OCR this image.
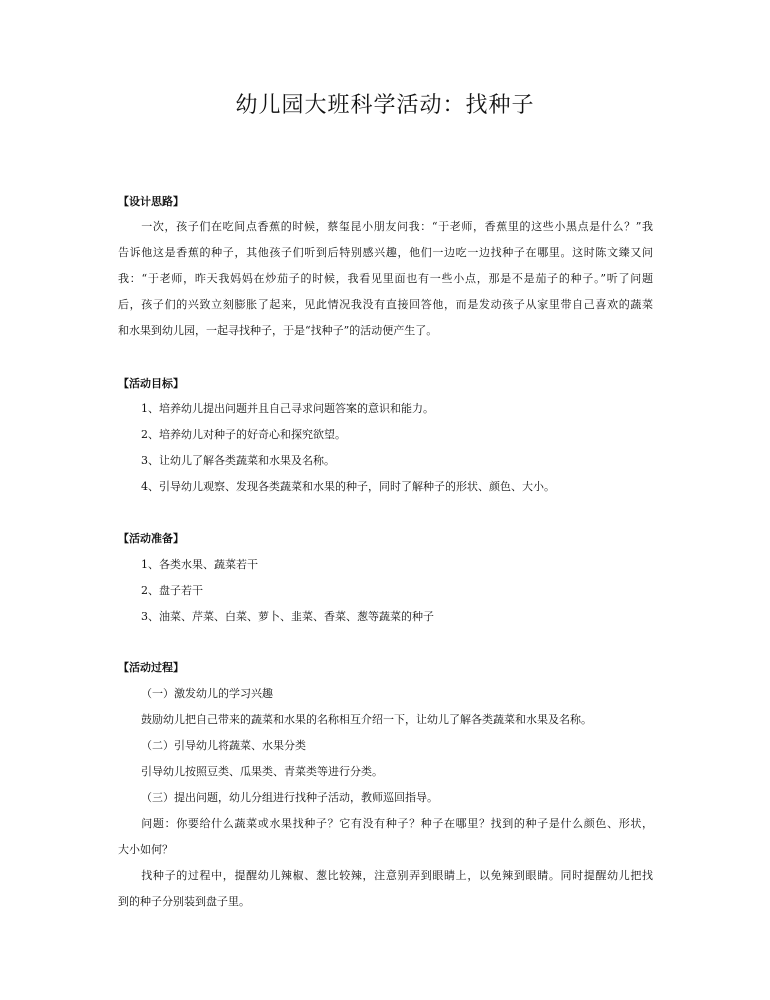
幼儿园大班科学活动：找种子
【设计思路】
　　一次，孩子们在吃间点香蕉的时候，蔡玺昆小朋友问我：“于老师，香蕉里的这些小黑点是什么？”我
告诉他这是香蕉的种子，其他孩子们听到后特别感兴趣，他们一边吃一边找种子在哪里。这时陈文臻又问
我：“于老师，昨天我妈妈在炒茄子的时候，我看见里面也有一些小点，那是不是茄子的种子。”听了问题
后，孩子们的兴致立刻膨胀了起来，见此情况我没有直接回答他，而是发动孩子从家里带自己喜欢的蔬菜
和水果到幼儿园，一起寻找种子，于是“找种子”的活动便产生了。
【活动目标】
1、培养幼儿提出问题并且自己寻求问题答案的意识和能力。
2、培养幼儿对种子的好奇心和探究欲望。
3、让幼儿了解各类蔬菜和水果及名称。
4、引导幼儿观察、发现各类蔬菜和水果的种子，同时了解种子的形状、颜色、大小。
【活动准备】
1、各类水果、蔬菜若干
2、盘子若干
3、油菜、芹菜、白菜、萝卜、韭菜、香菜、葱等蔬菜的种子
【活动过程】
（一）激发幼儿的学习兴趣
鼓励幼儿把自己带来的蔬菜和水果的名称相互介绍一下，让幼儿了解各类蔬菜和水果及名称。
（二）引导幼儿将蔬菜、水果分类
引导幼儿按照豆类、瓜果类、青菜类等进行分类。
（三）提出问题，幼儿分组进行找种子活动，教师巡回指导。
　　问题：你要给什么蔬菜或水果找种子？它有没有种子？种子在哪里？找到的种子是什么颜色、形状，
大小如何？
　　找种子的过程中，提醒幼儿辣椒、葱比较辣，注意别弄到眼睛上，以免辣到眼睛。同时提醒幼儿把找
到的种子分别装到盘子里。
